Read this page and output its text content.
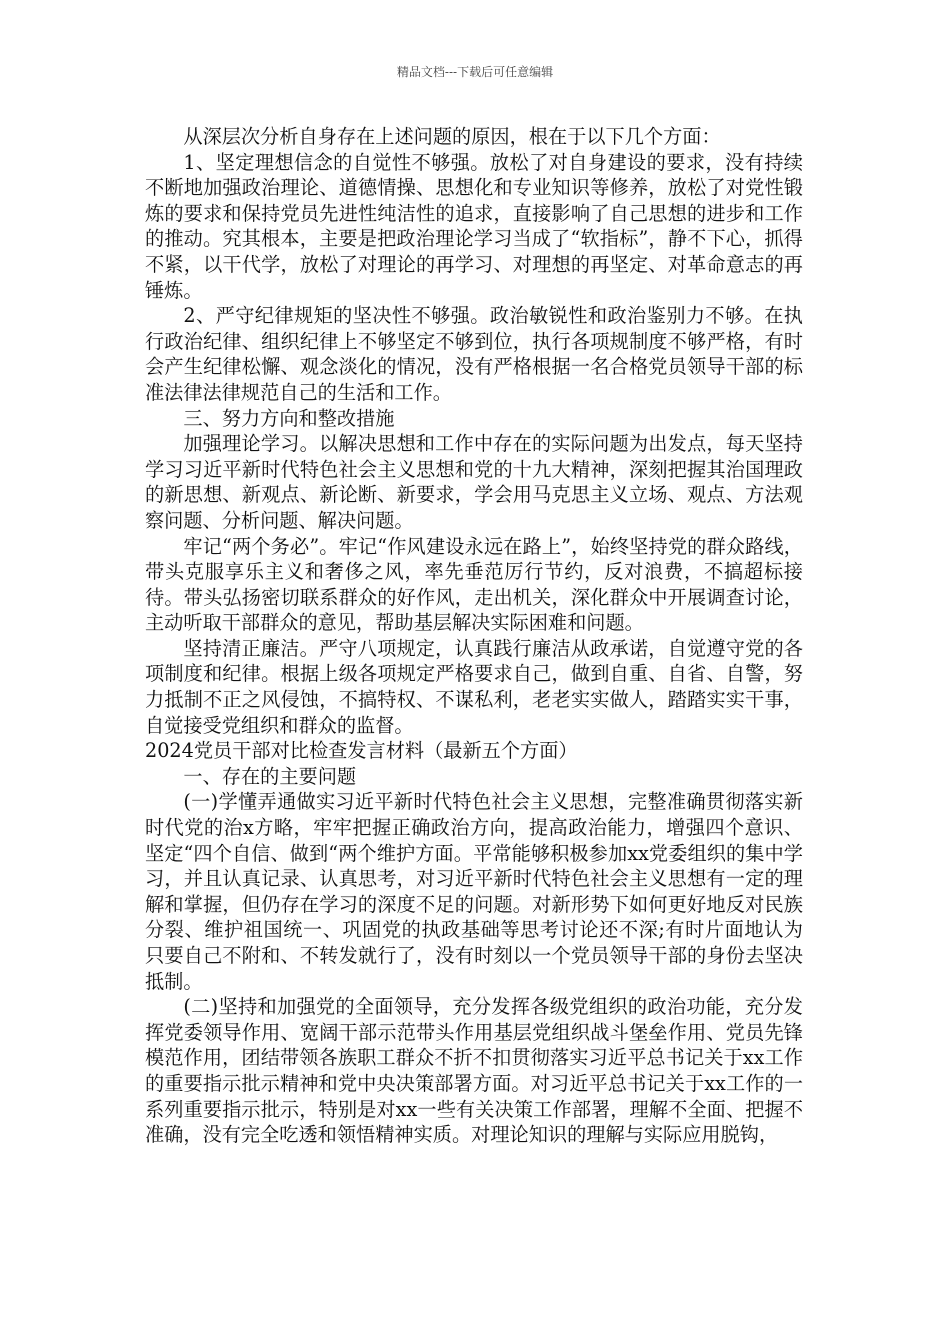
精品文档---下载后可任意编辑

从深层次分析自身存在上述问题的原因，根在于以下几个方面：

1、坚定理想信念的自觉性不够强。放松了对自身建设的要求，没有持续不断地加强政治理论、道德情操、思想化和专业知识等修养，放松了对党性锻炼的要求和保持党员先进性纯洁性的追求，直接影响了自己思想的进步和工作的推动。究其根本，主要是把政治理论学习当成了“软指标”，静不下心，抓得不紧，以干代学，放松了对理论的再学习、对理想的再坚定、对革命意志的再锤炼。

2、严守纪律规矩的坚决性不够强。政治敏锐性和政治鉴别力不够。在执行政治纪律、组织纪律上不够坚定不够到位，执行各项规制度不够严格，有时会产生纪律松懈、观念淡化的情况，没有严格根据一名合格党员领导干部的标准法律法律规范自己的生活和工作。

三、努力方向和整改措施

加强理论学习。以解决思想和工作中存在的实际问题为出发点，每天坚持学习习近平新时代特色社会主义思想和党的十九大精神，深刻把握其治国理政的新思想、新观点、新论断、新要求，学会用马克思主义立场、观点、方法观察问题、分析问题、解决问题。

牢记“两个务必”。牢记“作风建设永远在路上”，始终坚持党的群众路线，带头克服享乐主义和奢侈之风，率先垂范厉行节约，反对浪费，不搞超标接待。带头弘扬密切联系群众的好作风，走出机关，深化群众中开展调查讨论，主动听取干部群众的意见，帮助基层解决实际困难和问题。

坚持清正廉洁。严守八项规定，认真践行廉洁从政承诺，自觉遵守党的各项制度和纪律。根据上级各项规定严格要求自己，做到自重、自省、自警，努力抵制不正之风侵蚀，不搞特权、不谋私利，老老实实做人，踏踏实实干事，自觉接受党组织和群众的监督。

2024党员干部对比检查发言材料（最新五个方面）

一、存在的主要问题

(一)学懂弄通做实习近平新时代特色社会主义思想，完整准确贯彻落实新时代党的治x方略，牢牢把握正确政治方向，提高政治能力，增强四个意识、坚定“四个自信、做到“两个维护方面。平常能够积极参加xx党委组织的集中学习，并且认真记录、认真思考，对习近平新时代特色社会主义思想有一定的理解和掌握，但仍存在学习的深度不足的问题。对新形势下如何更好地反对民族分裂、维护祖国统一、巩固党的执政基础等思考讨论还不深;有时片面地认为只要自己不附和、不转发就行了，没有时刻以一个党员领导干部的身份去坚决抵制。

(二)坚持和加强党的全面领导，充分发挥各级党组织的政治功能，充分发挥党委领导作用、宽阔干部示范带头作用基层党组织战斗堡垒作用、党员先锋模范作用，团结带领各族职工群众不折不扣贯彻落实习近平总书记关于xx工作的重要指示批示精神和党中央决策部署方面。对习近平总书记关于xx工作的一系列重要指示批示，特别是对xx一些有关决策工作部署，理解不全面、把握不准确，没有完全吃透和领悟精神实质。对理论知识的理解与实际应用脱钩，
